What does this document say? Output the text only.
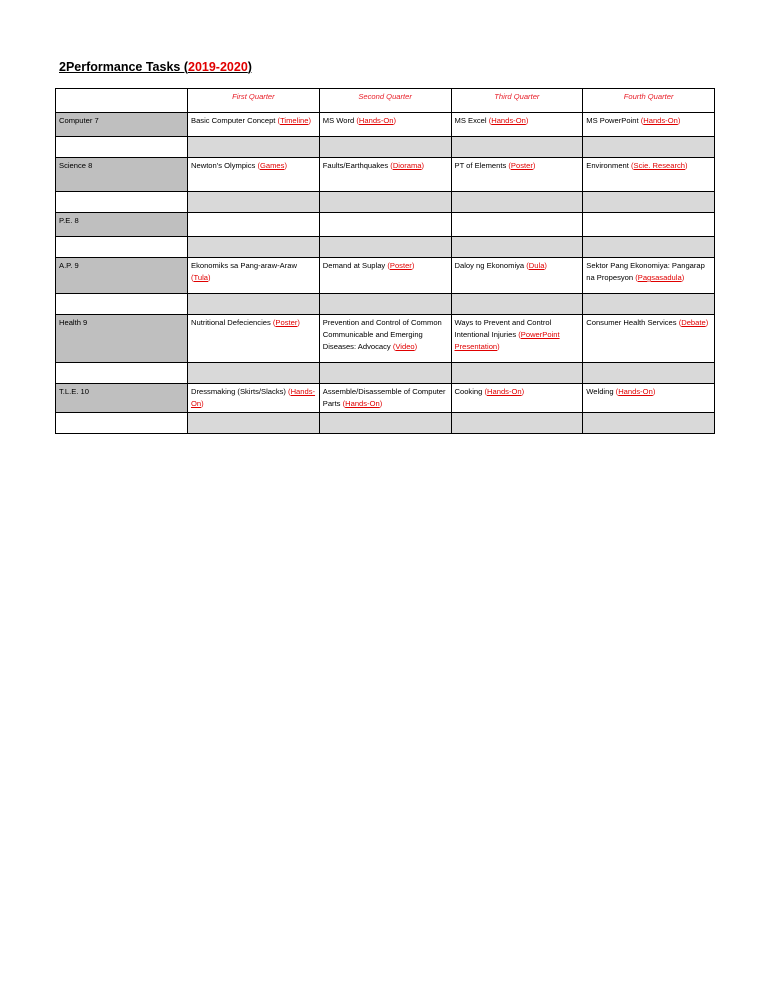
2Performance Tasks (2019-2020)
	First Quarter	Second Quarter	Third Quarter	Fourth Quarter
Computer 7	Basic Computer Concept (Timeline)	MS Word (Hands-On)	MS Excel (Hands-On)	MS PowerPoint (Hands-On)

Science 8	Newton's Olympics (Games)	Faults/Earthquakes (Diorama)	PT of Elements (Poster)	Environment (Scie. Research)

P.E. 8				

A.P. 9	Ekonomiks sa Pang-araw-Araw (Tula)	Demand at Suplay (Poster)	Daloy ng Ekonomiya (Dula)	Sektor Pang Ekonomiya: Pangarap na Propesyon (Pagsasadula)

Health 9	Nutritional Defeciencies (Poster)	Prevention and Control of Common Communicable and Emerging Diseases: Advocacy (Video)	Ways to Prevent and Control Intentional Injuries (PowerPoint Presentation)	Consumer Health Services (Debate)

T.L.E. 10	Dressmaking (Skirts/Slacks) (Hands-On)	Assemble/Disassemble of Computer Parts (Hands-On)	Cooking (Hands-On)	Welding (Hands-On)
